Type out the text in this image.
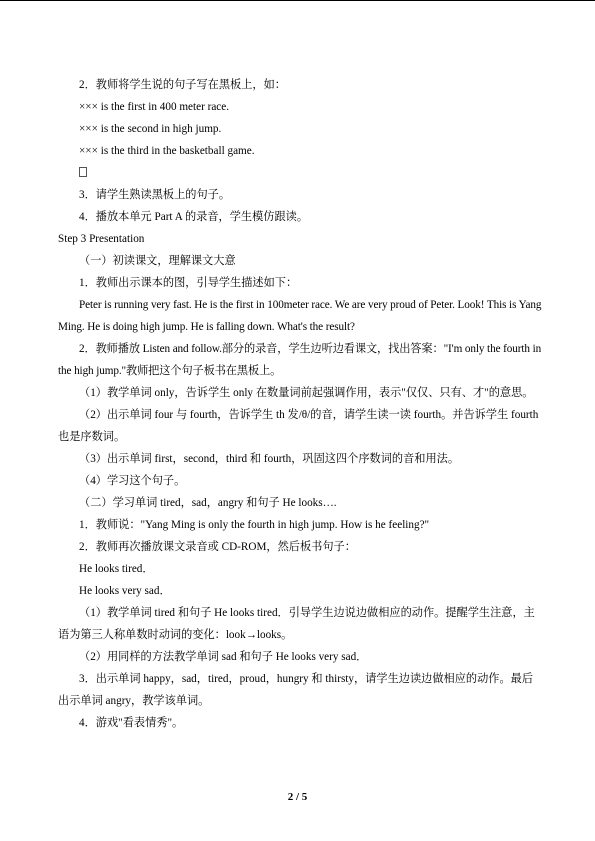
2．教师将学生说的句子写在黑板上，如：

××× is the first in 400 meter race.

××× is the second in high jump.

××× is the third in the basketball game.

3．请学生熟读黑板上的句子。

4．播放本单元 Part A 的录音，学生模仿跟读。

Step 3 Presentation

（一）初读课文，理解课文大意

1．教师出示课本的图，引导学生描述如下：

Peter is running very fast. He is the first in 100meter race. We are very proud of Peter. Look! This is Yang Ming. He is doing high jump. He is falling down. What's the result?

2．教师播放 Listen and follow.部分的录音，学生边听边看课文，找出答案："I'm only the fourth in the high jump."教师把这个句子板书在黑板上。

（1）教学单词 only，告诉学生 only 在数量词前起强调作用，表示"仅仅、只有、才"的意思。

（2）出示单词 four 与 fourth，告诉学生 th 发/θ/的音，请学生读一读 fourth。并告诉学生 fourth 也是序数词。

（3）出示单词 first，second，third 和 fourth，巩固这四个序数词的音和用法。

（4）学习这个句子。

（二）学习单词 tired，sad，angry 和句子 He looks….

1．教师说："Yang Ming is only the fourth in high jump. How is he feeling?"

2．教师再次播放课文录音或 CD-ROM，然后板书句子：

He looks tired．

He looks very sad．

（1）教学单词 tired 和句子 He looks tired．引导学生边说边做相应的动作。提醒学生注意，主语为第三人称单数时动词的变化：look→looks。

（2）用同样的方法教学单词 sad 和句子 He looks very sad．

3．出示单词 happy，sad，tired，proud，hungry 和 thirsty，请学生边读边做相应的动作。最后出示单词 angry，教学该单词。

4．游戏"看表情秀"。

2 / 5
